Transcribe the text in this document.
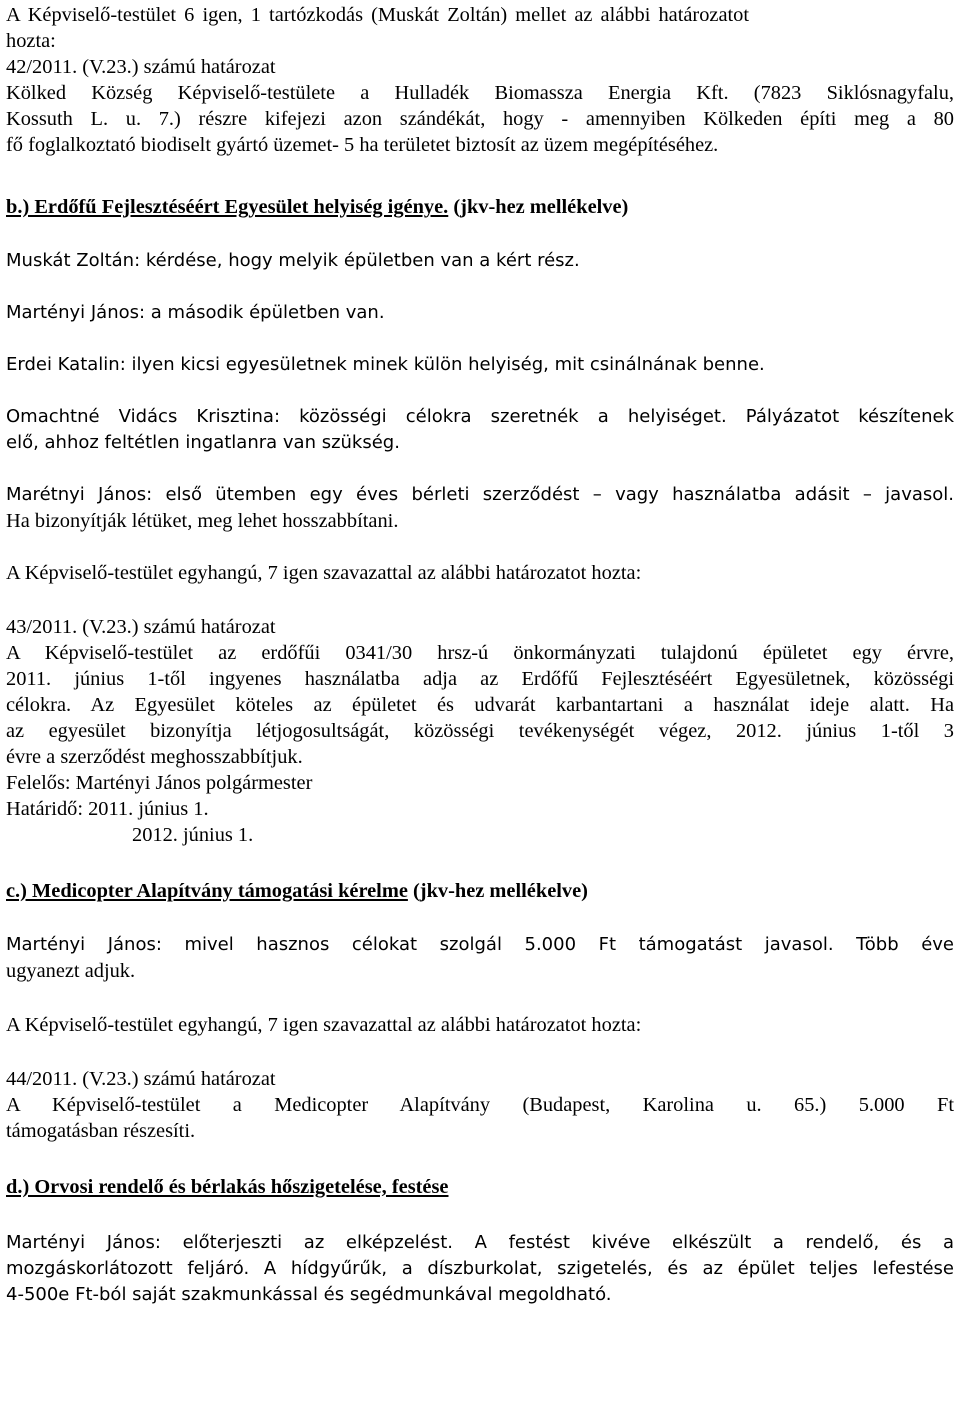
A Képviselő-testület 6 igen, 1 tartózkodás (Muskát Zoltán) mellet az alábbi határozatot
hozta:
42/2011. (V.23.) számú határozat
Kölked Község Képviselő-testülete a Hulladék Biomassza Energia Kft. (7823 Siklósnagyfalu,
Kossuth L. u. 7.) részre kifejezi azon szándékát, hogy - amennyiben Kölkeden építi meg a 80
fő foglalkoztató biodiselt gyártó üzemet- 5 ha területet biztosít az üzem megépítéséhez.
b.) Erdőfű Fejlesztéséért Egyesület helyiség igénye. (jkv-hez mellékelve)
Muskát Zoltán: kérdése, hogy melyik épületben van a kért rész.
Martényi János: a második épületben van.
Erdei Katalin: ilyen kicsi egyesületnek minek külön helyiség, mit csinálnának benne.
Omachtné Vidács Krisztina: közösségi célokra szeretnék a helyiséget. Pályázatot készítenek
elő, ahhoz feltétlen ingatlanra van szükség.
Marétnyi János: első ütemben egy éves bérleti szerződést – vagy használatba adásit – javasol.
Ha bizonyítják létüket, meg lehet hosszabbítani.
A Képviselő-testület egyhangú, 7 igen szavazattal az alábbi határozatot hozta:
43/2011. (V.23.) számú határozat
A Képviselő-testület az erdőfűi 0341/30 hrsz-ú önkormányzati tulajdonú épületet egy érvre,
2011. június 1-től ingyenes használatba adja az Erdőfű Fejlesztéséért Egyesületnek, közösségi
célokra. Az Egyesület köteles az épületet és udvarát karbantartani a használat ideje alatt. Ha
az egyesület bizonyítja létjogosultságát, közösségi tevékenységét végez, 2012. június 1-től 3
évre a szerződést meghosszabbítjuk.
Felelős: Martényi János polgármester
Határidő: 2011. június 1.
2012. június 1.
c.) Medicopter Alapítvány támogatási kérelme (jkv-hez mellékelve)
Martényi János: mivel hasznos célokat szolgál 5.000 Ft támogatást javasol. Több éve
ugyanezt adjuk.
A Képviselő-testület egyhangú, 7 igen szavazattal az alábbi határozatot hozta:
44/2011. (V.23.) számú határozat
A Képviselő-testület a Medicopter Alapítvány (Budapest, Karolina u. 65.) 5.000 Ft
támogatásban részesíti.
d.) Orvosi rendelő és bérlakás hőszigetelése, festése
Martényi János: előterjeszti az elképzelést. A festést kivéve elkészült a rendelő, és a
mozgáskorlátozott feljáró. A hídgyűrűk, a díszburkolat, szigetelés, és az épület teljes lefestése
4-500e Ft-ból saját szakmunkással és segédmunkával megoldható.
